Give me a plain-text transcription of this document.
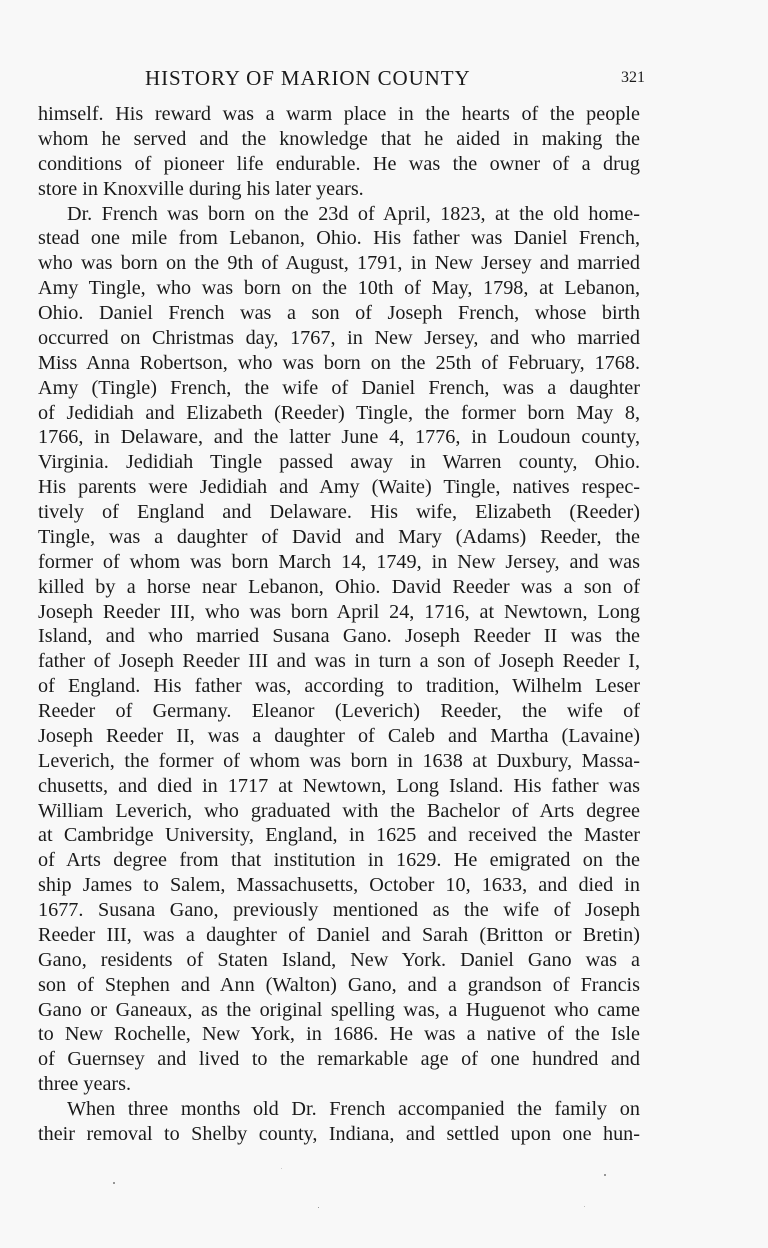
HISTORY OF MARION COUNTY	321
himself. His reward was a warm place in the hearts of the people
whom he served and the knowledge that he aided in making the
conditions of pioneer life endurable. He was the owner of a drug
store in Knoxville during his later years.
Dr. French was born on the 23d of April, 1823, at the old home-
stead one mile from Lebanon, Ohio. His father was Daniel French,
who was born on the 9th of August, 1791, in New Jersey and married
Amy Tingle, who was born on the 10th of May, 1798, at Lebanon,
Ohio. Daniel French was a son of Joseph French, whose birth
occurred on Christmas day, 1767, in New Jersey, and who married
Miss Anna Robertson, who was born on the 25th of February, 1768.
Amy (Tingle) French, the wife of Daniel French, was a daughter
of Jedidiah and Elizabeth (Reeder) Tingle, the former born May 8,
1766, in Delaware, and the latter June 4, 1776, in Loudoun county,
Virginia. Jedidiah Tingle passed away in Warren county, Ohio.
His parents were Jedidiah and Amy (Waite) Tingle, natives respec-
tively of England and Delaware. His wife, Elizabeth (Reeder)
Tingle, was a daughter of David and Mary (Adams) Reeder, the
former of whom was born March 14, 1749, in New Jersey, and was
killed by a horse near Lebanon, Ohio. David Reeder was a son of
Joseph Reeder III, who was born April 24, 1716, at Newtown, Long
Island, and who married Susana Gano. Joseph Reeder II was the
father of Joseph Reeder III and was in turn a son of Joseph Reeder I,
of England. His father was, according to tradition, Wilhelm Leser
Reeder of Germany. Eleanor (Leverich) Reeder, the wife of
Joseph Reeder II, was a daughter of Caleb and Martha (Lavaine)
Leverich, the former of whom was born in 1638 at Duxbury, Massa-
chusetts, and died in 1717 at Newtown, Long Island. His father was
William Leverich, who graduated with the Bachelor of Arts degree
at Cambridge University, England, in 1625 and received the Master
of Arts degree from that institution in 1629. He emigrated on the
ship James to Salem, Massachusetts, October 10, 1633, and died in
1677. Susana Gano, previously mentioned as the wife of Joseph
Reeder III, was a daughter of Daniel and Sarah (Britton or Bretin)
Gano, residents of Staten Island, New York. Daniel Gano was a
son of Stephen and Ann (Walton) Gano, and a grandson of Francis
Gano or Ganeaux, as the original spelling was, a Huguenot who came
to New Rochelle, New York, in 1686. He was a native of the Isle
of Guernsey and lived to the remarkable age of one hundred and
three years.
When three months old Dr. French accompanied the family on
their removal to Shelby county, Indiana, and settled upon one hun-
